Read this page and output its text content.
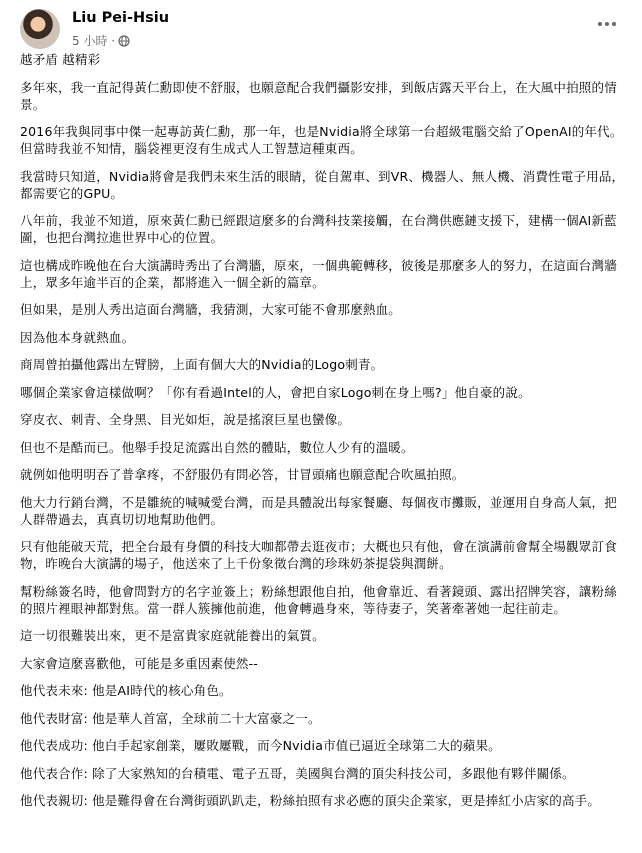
Liu Pei-Hsiu
5 小時 ·

越矛盾 越精彩

多年來，我一直記得黃仁勳即使不舒服，也願意配合我們攝影安排，到飯店露天平台上，在大風中拍照的情景。

2016年我與同事中傑一起專訪黃仁勳，那一年，也是Nvidia將全球第一台超級電腦交給了OpenAI的年代。但當時我並不知情，腦袋裡更沒有生成式人工智慧這種東西。

我當時只知道，Nvidia將會是我們未來生活的眼睛，從自駕車、到VR、機器人、無人機、消費性電子用品，都需要它的GPU。

八年前，我並不知道，原來黃仁勳已經跟這麼多的台灣科技業接觸，在台灣供應鏈支援下，建構一個AI新藍圖，也把台灣拉進世界中心的位置。

這也構成昨晚他在台大演講時秀出了台灣牆，原來，一個典範轉移，彼後是那麼多人的努力，在這面台灣牆上，眾多年逾半百的企業，都將進入一個全新的篇章。

但如果，是別人秀出這面台灣牆，我猜測，大家可能不會那麼熱血。

因為他本身就熱血。

商周曾拍攝他露出左臂膀，上面有個大大的Nvidia的Logo刺青。

哪個企業家會這樣做啊？「你有看過Intel的人，會把自家Logo刺在身上嗎?」他自豪的說。

穿皮衣、刺青、全身黑、目光如炬，說是搖滾巨星也蠻像。

但也不是酷而已。他舉手投足流露出自然的體貼，數位人少有的溫暖。

就例如他明明吞了普拿疼，不舒服仍有問必答，甘冒頭痛也願意配合吹風拍照。

他大力行銷台灣，不是雛統的喊喊愛台灣，而是具體說出每家餐廳、每個夜市攤販，並運用自身高人氣，把人群帶過去，真真切切地幫助他們。

只有他能破天荒，把全台最有身價的科技大咖都帶去逛夜市；大概也只有他，會在演講前會幫全場觀眾訂食物，昨晚台大演講的場子，他送來了上千份象徵台灣的珍珠奶茶提袋與潤餅。

幫粉絲簽名時，他會問對方的名字並簽上；粉絲想跟他自拍，他會靠近、看著鏡頭、露出招牌笑容，讓粉絲的照片裡眼神都對焦。當一群人簇擁他前進，他會轉過身來，等待妻子，笑著牽著她一起往前走。

這一切很難裝出來，更不是富貴家庭就能養出的氣質。

大家會這麼喜歡他，可能是多重因素使然--

他代表未來: 他是AI時代的核心角色。

他代表財富: 他是華人首富，全球前二十大富豪之一。

他代表成功: 他白手起家創業，屢敗屢戰，而今Nvidia市值已逼近全球第二大的蘋果。

他代表合作: 除了大家熟知的台積電、電子五哥，美國與台灣的頂尖科技公司，多跟他有夥伴關係。

他代表親切: 他是難得會在台灣街頭趴趴走，粉絲拍照有求必應的頂尖企業家，更是捧紅小店家的高手。
